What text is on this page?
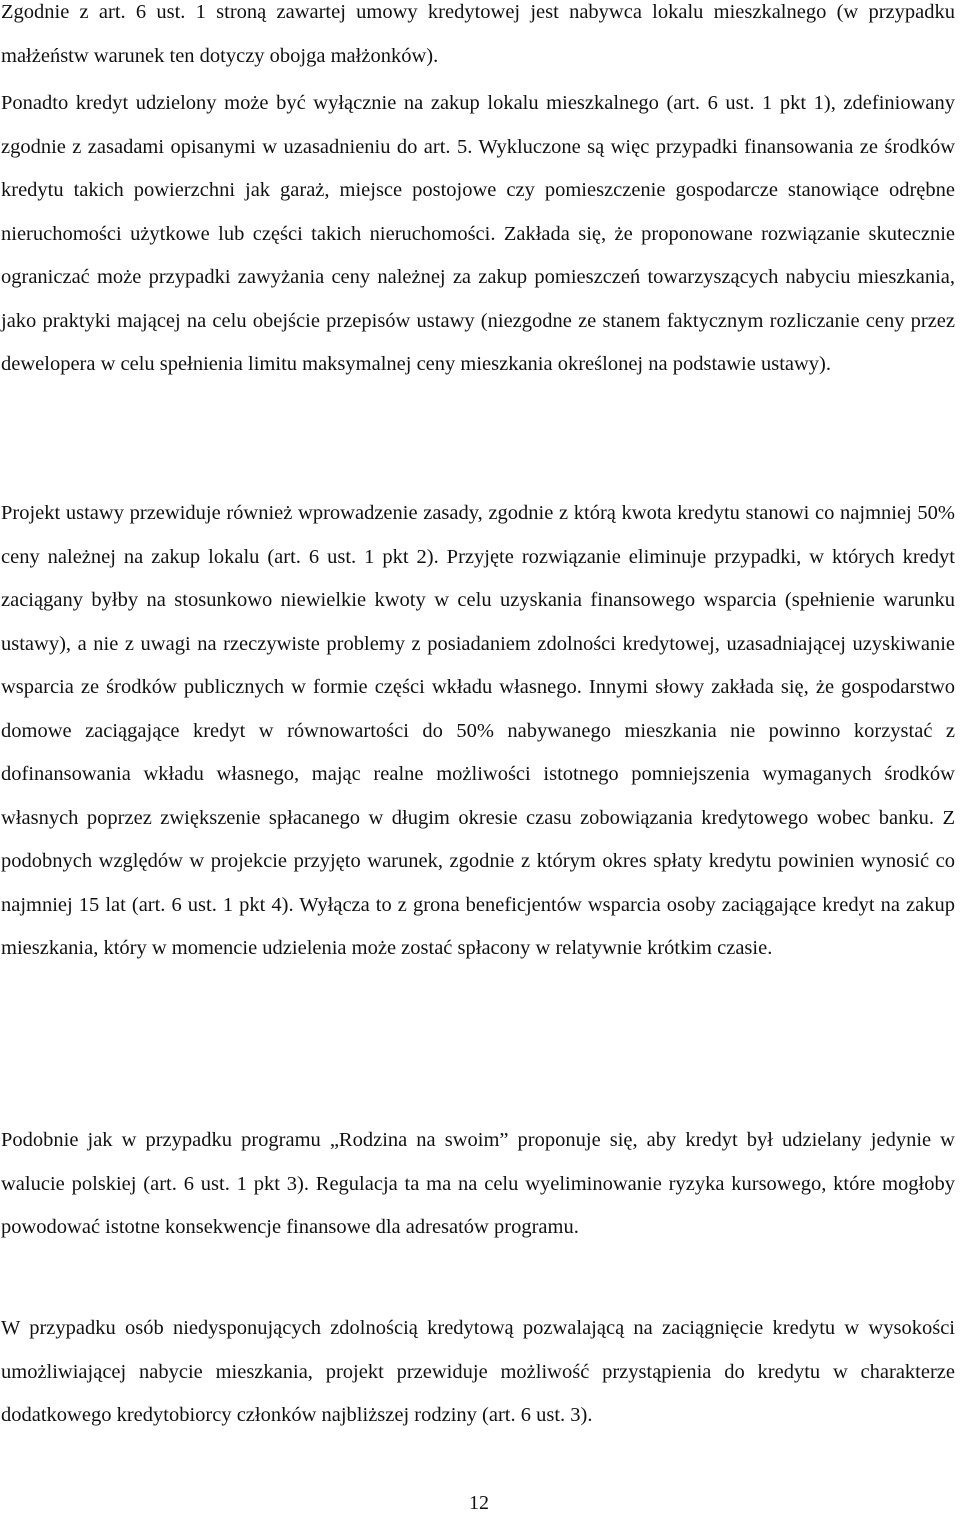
Zgodnie z art. 6 ust. 1 stroną zawartej umowy kredytowej jest nabywca lokalu mieszkalnego (w przypadku małżeństw warunek ten dotyczy obojga małżonków).

Ponadto kredyt udzielony może być wyłącznie na zakup lokalu mieszkalnego (art. 6 ust. 1 pkt 1), zdefiniowany zgodnie z zasadami opisanymi w uzasadnieniu do art. 5. Wykluczone są więc przypadki finansowania ze środków kredytu takich powierzchni jak garaż, miejsce postojowe czy pomieszczenie gospodarcze stanowiące odrębne nieruchomości użytkowe lub części takich nieruchomości. Zakłada się, że proponowane rozwiązanie skutecznie ograniczać może przypadki zawyżania ceny należnej za zakup pomieszczeń towarzyszących nabyciu mieszkania, jako praktyki mającej na celu obejście przepisów ustawy (niezgodne ze stanem faktycznym rozliczanie ceny przez dewelopera w celu spełnienia limitu maksymalnej ceny mieszkania określonej na podstawie ustawy).

Projekt ustawy przewiduje również wprowadzenie zasady, zgodnie z którą kwota kredytu stanowi co najmniej 50% ceny należnej na zakup lokalu (art. 6 ust. 1 pkt 2). Przyjęte rozwiązanie eliminuje przypadki, w których kredyt zaciągany byłby na stosunkowo niewielkie kwoty w celu uzyskania finansowego wsparcia (spełnienie warunku ustawy), a nie z uwagi na rzeczywiste problemy z posiadaniem zdolności kredytowej, uzasadniającej uzyskiwanie wsparcia ze środków publicznych w formie części wkładu własnego. Innymi słowy zakłada się, że gospodarstwo domowe zaciągające kredyt w równowartości do 50% nabywanego mieszkania nie powinno korzystać z dofinansowania wkładu własnego, mając realne możliwości istotnego pomniejszenia wymaganych środków własnych poprzez zwiększenie spłacanego w długim okresie czasu zobowiązania kredytowego wobec banku. Z podobnych względów w projekcie przyjęto warunek, zgodnie z którym okres spłaty kredytu powinien wynosić co najmniej 15 lat (art. 6 ust. 1 pkt 4). Wyłącza to z grona beneficjentów wsparcia osoby zaciągające kredyt na zakup mieszkania, który w momencie udzielenia może zostać spłacony w relatywnie krótkim czasie.

Podobnie jak w przypadku programu „Rodzina na swoim” proponuje się, aby kredyt był udzielany jedynie w walucie polskiej (art. 6 ust. 1 pkt 3). Regulacja ta ma na celu wyeliminowanie ryzyka kursowego, które mogłoby powodować istotne konsekwencje finansowe dla adresatów programu.

W przypadku osób niedysponujących zdolnością kredytową pozwalającą na zaciągnięcie kredytu w wysokości umożliwiającej nabycie mieszkania, projekt przewiduje możliwość przystąpienia do kredytu w charakterze dodatkowego kredytobiorcy członków najbliższej rodziny (art. 6 ust. 3).

12
